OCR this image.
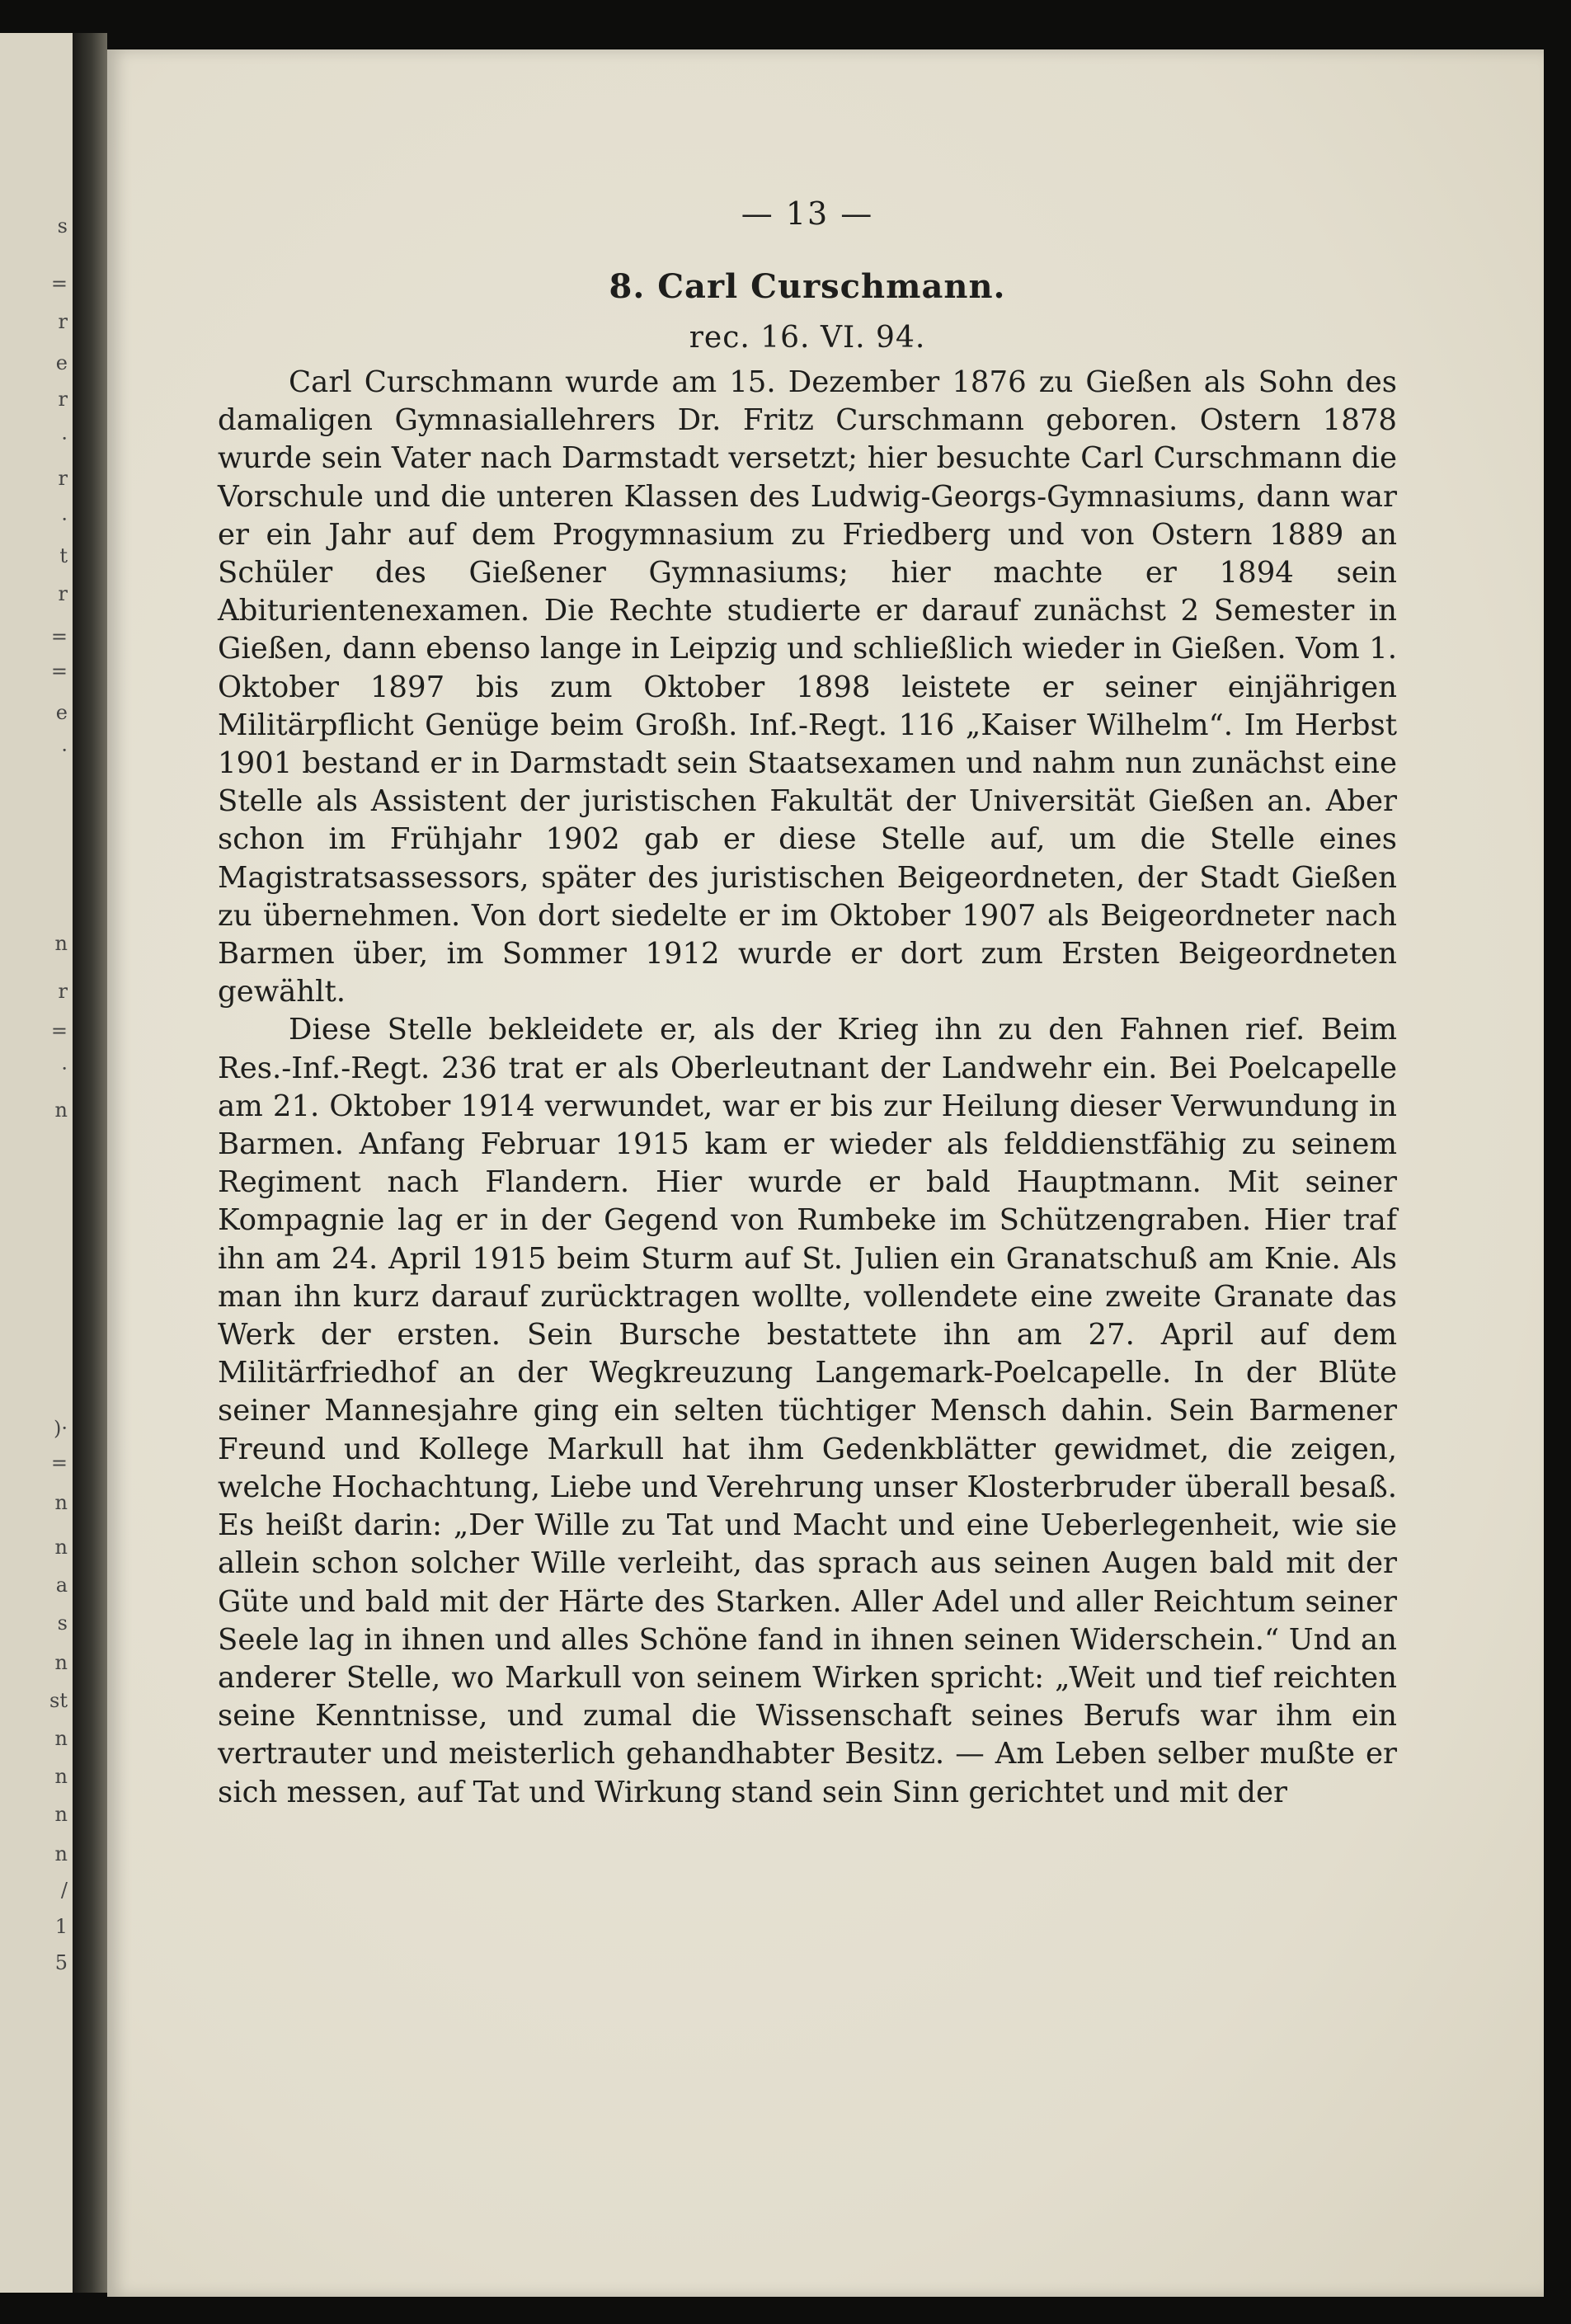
s
=
r
e
r
·
r
·
t
r
=
=
e
·
n
r
=
·
n
)·
=
n
n
a
s
n
st
n
n
n
n
/
1
5
— 13 —
8. Carl Curschmann.
rec. 16. VI. 94.

Carl Curschmann wurde am 15. Dezember 1876 zu Gießen als Sohn des damaligen Gymnasiallehrers Dr. Fritz Curschmann geboren. Ostern 1878 wurde sein Vater nach Darmstadt versetzt; hier besuchte Carl Curschmann die Vorschule und die unteren Klassen des Ludwig-Georgs-Gymnasiums, dann war er ein Jahr auf dem Progymnasium zu Friedberg und von Ostern 1889 an Schüler des Gießener Gymnasiums; hier machte er 1894 sein Abiturientenexamen. Die Rechte studierte er darauf zunächst 2 Semester in Gießen, dann ebenso lange in Leipzig und schließlich wieder in Gießen. Vom 1. Oktober 1897 bis zum Oktober 1898 leistete er seiner einjährigen Militärpflicht Genüge beim Großh. Inf.-Regt. 116 „Kaiser Wilhelm“. Im Herbst 1901 bestand er in Darmstadt sein Staatsexamen und nahm nun zunächst eine Stelle als Assistent der juristischen Fakultät der Universität Gießen an. Aber schon im Frühjahr 1902 gab er diese Stelle auf, um die Stelle eines Magistratsassessors, später des juristischen Beigeordneten, der Stadt Gießen zu übernehmen. Von dort siedelte er im Oktober 1907 als Beigeordneter nach Barmen über, im Sommer 1912 wurde er dort zum Ersten Beigeordneten gewählt.

Diese Stelle bekleidete er, als der Krieg ihn zu den Fahnen rief. Beim Res.-Inf.-Regt. 236 trat er als Oberleutnant der Landwehr ein. Bei Poelcapelle am 21. Oktober 1914 verwundet, war er bis zur Heilung dieser Verwundung in Barmen. Anfang Februar 1915 kam er wieder als felddienstfähig zu seinem Regiment nach Flandern. Hier wurde er bald Hauptmann. Mit seiner Kompagnie lag er in der Gegend von Rumbeke im Schützengraben. Hier traf ihn am 24. April 1915 beim Sturm auf St. Julien ein Granatschuß am Knie. Als man ihn kurz darauf zurücktragen wollte, vollendete eine zweite Granate das Werk der ersten. Sein Bursche bestattete ihn am 27. April auf dem Militärfriedhof an der Wegkreuzung Langemark-Poelcapelle. In der Blüte seiner Mannesjahre ging ein selten tüchtiger Mensch dahin. Sein Barmener Freund und Kollege Markull hat ihm Gedenkblätter gewidmet, die zeigen, welche Hochachtung, Liebe und Verehrung unser Klosterbruder überall besaß. Es heißt darin: „Der Wille zu Tat und Macht und eine Ueberlegenheit, wie sie allein schon solcher Wille verleiht, das sprach aus seinen Augen bald mit der Güte und bald mit der Härte des Starken. Aller Adel und aller Reichtum seiner Seele lag in ihnen und alles Schöne fand in ihnen seinen Widerschein.“ Und an anderer Stelle, wo Markull von seinem Wirken spricht: „Weit und tief reichten seine Kenntnisse, und zumal die Wissenschaft seines Berufs war ihm ein vertrauter und meisterlich gehandhabter Besitz. — Am Leben selber mußte er sich messen, auf Tat und Wirkung stand sein Sinn gerichtet und mit der
